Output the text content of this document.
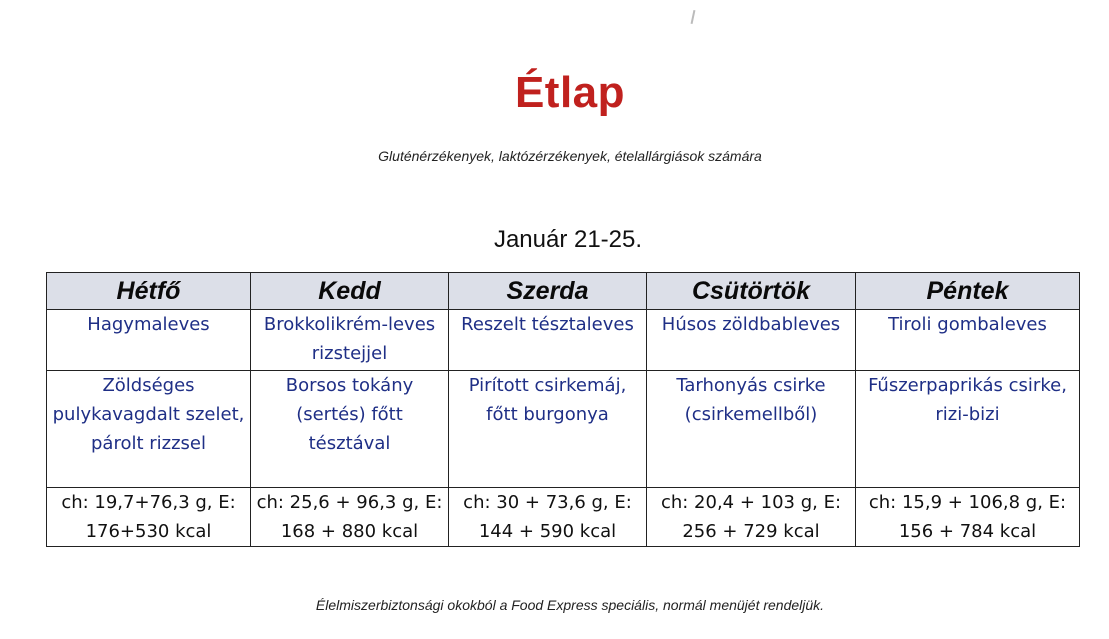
Étlap
Gluténérzékenyek, laktózérzékenyek, ételallárgiások számára
Január 21-25.
Hétfő	Kedd	Szerda	Csütörtök	Péntek
Hagymaleves	Brokkolikrém-leves rizstejjel	Reszelt tésztaleves	Húsos zöldbableves	Tiroli gombaleves
Zöldséges pulykavagdalt szelet, párolt rizzsel	Borsos tokány (sertés) főtt tésztával	Pirított csirkemáj, főtt burgonya	Tarhonyás csirke (csirkemellből)	Fűszerpaprikás csirke, rizi-bizi
ch: 19,7+76,3 g, E: 176+530 kcal	ch: 25,6 + 96,3 g, E: 168 + 880 kcal	ch: 30 + 73,6 g, E: 144 + 590 kcal	ch: 20,4 + 103 g, E: 256 + 729 kcal	ch: 15,9 + 106,8 g, E: 156 + 784 kcal
Élelmiszerbiztonsági okokból a Food Express speciális, normál menüjét rendeljük.
